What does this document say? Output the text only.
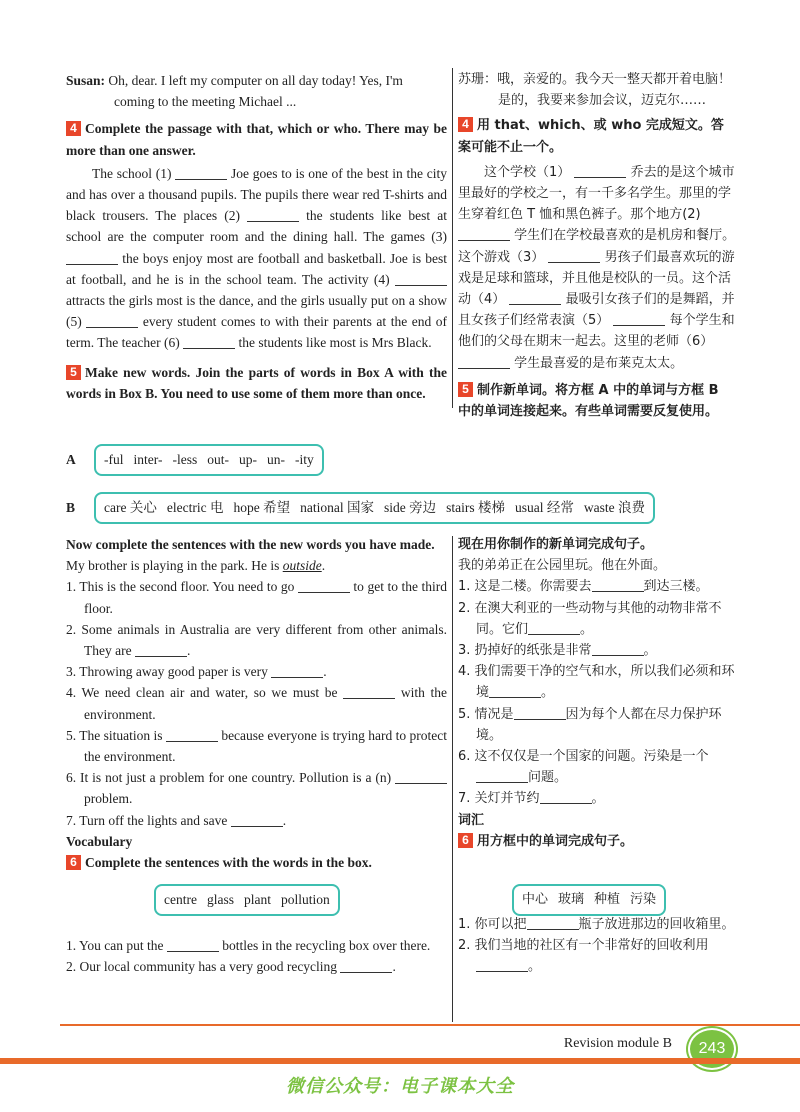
Susan: Oh, dear. I left my computer on all day today! Yes, I'm
coming to the meeting Michael ...
4 Complete the passage with that, which or who. There may be more than one answer.
The school (1)	Joe goes to is one of the best in the city and has over a thousand pupils. The pupils there wear red T-shirts and black trousers. The places (2)	the students like best at school are the computer room and the dining hall. The games (3)  the boys enjoy most are football and basketball. Joe is best at football, and he is in the school team. The activity (4)  attracts the girls most is the dance, and the girls usually put on a show (5)	every student comes to with their parents at the end of term. The teacher (6)	the students like most is Mrs Black.
5 Make new words. Join the parts of words in Box A with the words in Box B. You need to use some of them more than once.
苏珊：哦，亲爱的。我今天一整天都开着电脑！
是的，我要来参加会议，迈克尔……
4 用 that、which、或 who 完成短文。答案可能不止一个。
这个学校（1）	乔去的是这个城市里最好的学校之一，有一千多名学生。那里的学生穿着红色 T 恤和黑色裤子。那个地方(2)  学生们在学校最喜欢的是机房和餐厅。这个游戏（3）	男孩子们最喜欢玩的游戏是足球和篮球，并且他是校队的一员。这个活动（4）	最吸引女孩子们的是舞蹈，并且女孩子们经常表演（5）	每个学生和他们的父母在期末一起去。这里的老师（6）  学生最喜爱的是布莱克太太。
5 制作新单词。将方框 A 中的单词与方框 B 中的单词连接起来。有些单词需要反复使用。
A	-ful inter- -less out- up- un- -ity
B	care 关心 electric 电 hope 希望 national 国家 side 旁边 stairs 楼梯 usual 经常 waste 浪费
Now complete the sentences with the new words you have made.
My brother is playing in the park. He is outside.
1. This is the second floor. You need to go	to get to the third floor.
2. Some animals in Australia are very different from other animals. They are	.
3. Throwing away good paper is very	.
4. We need clean air and water, so we must be	with the environment.
5. The situation is	because everyone is trying hard to protect the environment.
6. It is not just a problem for one country. Pollution is a (n)  problem.
7. Turn off the lights and save	.
Vocabulary
6 Complete the sentences with the words in the box.
1. You can put the	bottles in the recycling box over there.
2. Our local community has a very good recycling	.
现在用你制作的新单词完成句子。
我的弟弟正在公园里玩。他在外面。
1. 这是二楼。你需要去	到达三楼。
2. 在澳大利亚的一些动物与其他的动物非常不同。它们	。
3. 扔掉好的纸张是非常	。
4. 我们需要干净的空气和水，所以我们必须和环境	。
5. 情况是	因为每个人都在尽力保护环境。
6. 这不仅仅是一个国家的问题。污染是一个问题。
7. 关灯并节约	。
词汇
6 用方框中的单词完成句子。
1. 你可以把	瓶子放进那边的回收箱里。
2. 我们当地的社区有一个非常好的回收利用。
centre glass plant pollution	中心 玻璃 种植 污染
Revision module B	243
微信公众号：电子课本大全
